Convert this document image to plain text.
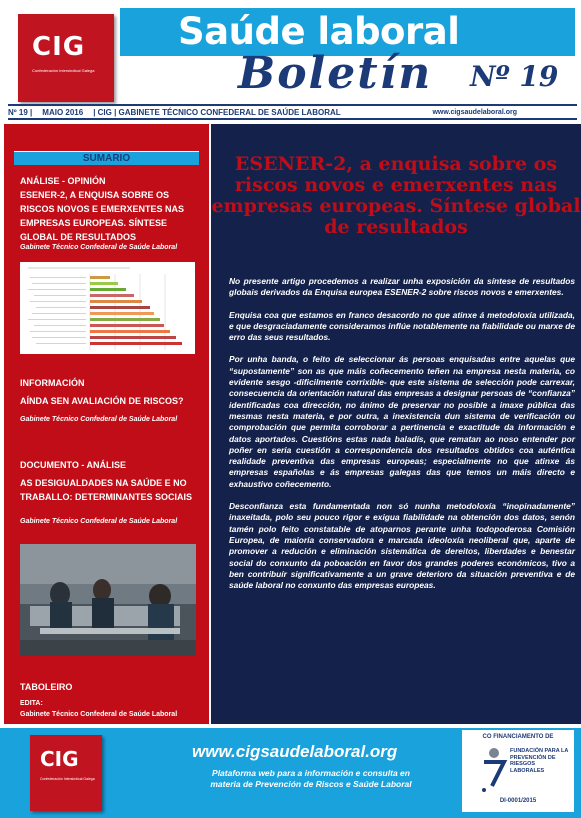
CIG
Confederación Intersindical Galega
Saúde laboral
Boletín Nº 19
Nº 19 | MAIO 2016 | CIG | GABINETE TÉCNICO CONFEDERAL DE SAÚDE LABORAL	www.cigsaudelaboral.org
SUMARIO
ANÁLISE - OPINIÓN
ESENER-2, A ENQUISA SOBRE OS RISCOS NOVOS E EMERXENTES NAS EMPRESAS EUROPEAS. SÍNTESE GLOBAL DE RESULTADOS
Gabinete Técnico Confederal de Saúde Laboral
INFORMACIÓN
AÍNDA SEN AVALIACIÓN DE RISCOS?
Gabinete Técnico Confederal de Saúde Laboral
DOCUMENTO - ANÁLISE
AS DESIGUALDADES NA SAÚDE E NO TRABALLO: DETERMINANTES SOCIAIS
Gabinete Técnico Confederal de Saúde Laboral
TABOLEIRO
EDITA:
Gabinete Técnico Confederal de Saúde Laboral
ESENER-2, a enquisa sobre os riscos novos e emerxentes nas empresas europeas. Síntese global de resultados

No presente artigo procedemos a realizar unha exposición da síntese de resultados globais derivados da Enquisa europea ESENER-2 sobre riscos novos e emerxentes.

Enquisa coa que estamos en franco desacordo no que atinxe á metodoloxía utilizada, e que desgraciadamente consideramos inflúe notablemente na fiabilidade ou marxe de erro das seus resultados.

Por unha banda, o feito de seleccionar ás persoas enquisadas entre aquelas que “supostamente” son as que máis coñecemento teñen na empresa nesta materia, co evidente sesgo -dificilmente corrixible- que este sistema de selección pode carrexar, consecuencia da orientación natural das empresas a designar persoas de “confianza” identificadas coa dirección, no ánimo de preservar no posible a imaxe pública das mesmas nesta materia, e por outra, a inexistencia dun sistema de verificación ou comprobación que permita corroborar a pertinencia e exactitude da información e datos aportados. Cuestións estas nada baladís, que rematan ao noso entender por poñer en seria cuestión a correspondencia dos resultados obtidos coa auténtica realidade preventiva das empresas europeas; especialmente no que atinxe ás empresas españolas e ás empresas galegas das que temos un máis directo e exhaustivo coñecemento.

Desconfianza esta fundamentada non só nunha metodoloxía “inopinadamente” inaxeitada, polo seu pouco rigor e exigua fiabilidade na obtención dos datos, senón tamén polo feito constatable de atoparnos perante unha todopoderosa Comisión Europea, de maioría conservadora e marcada ideoloxía neoliberal que, aparte de promover a redución e eliminación sistemática de dereitos, liberdades e benestar social do conxunto da poboación en favor dos grandes poderes económicos, tivo a ben contribuír significativamente a un grave deterioro da situación preventiva e de saúde laboral no conxunto das empresas europeas.

CIG
Confederación Intersindical Galega
www.cigsaudelaboral.org
Plataforma web para a información e consulta en materia de Prevención de Riscos e Saúde Laboral
CO FINANCIAMENTO DE
FUNDACIÓN PARA LA PREVENCIÓN DE RIESGOS LABORALES
DI-0001/2015
